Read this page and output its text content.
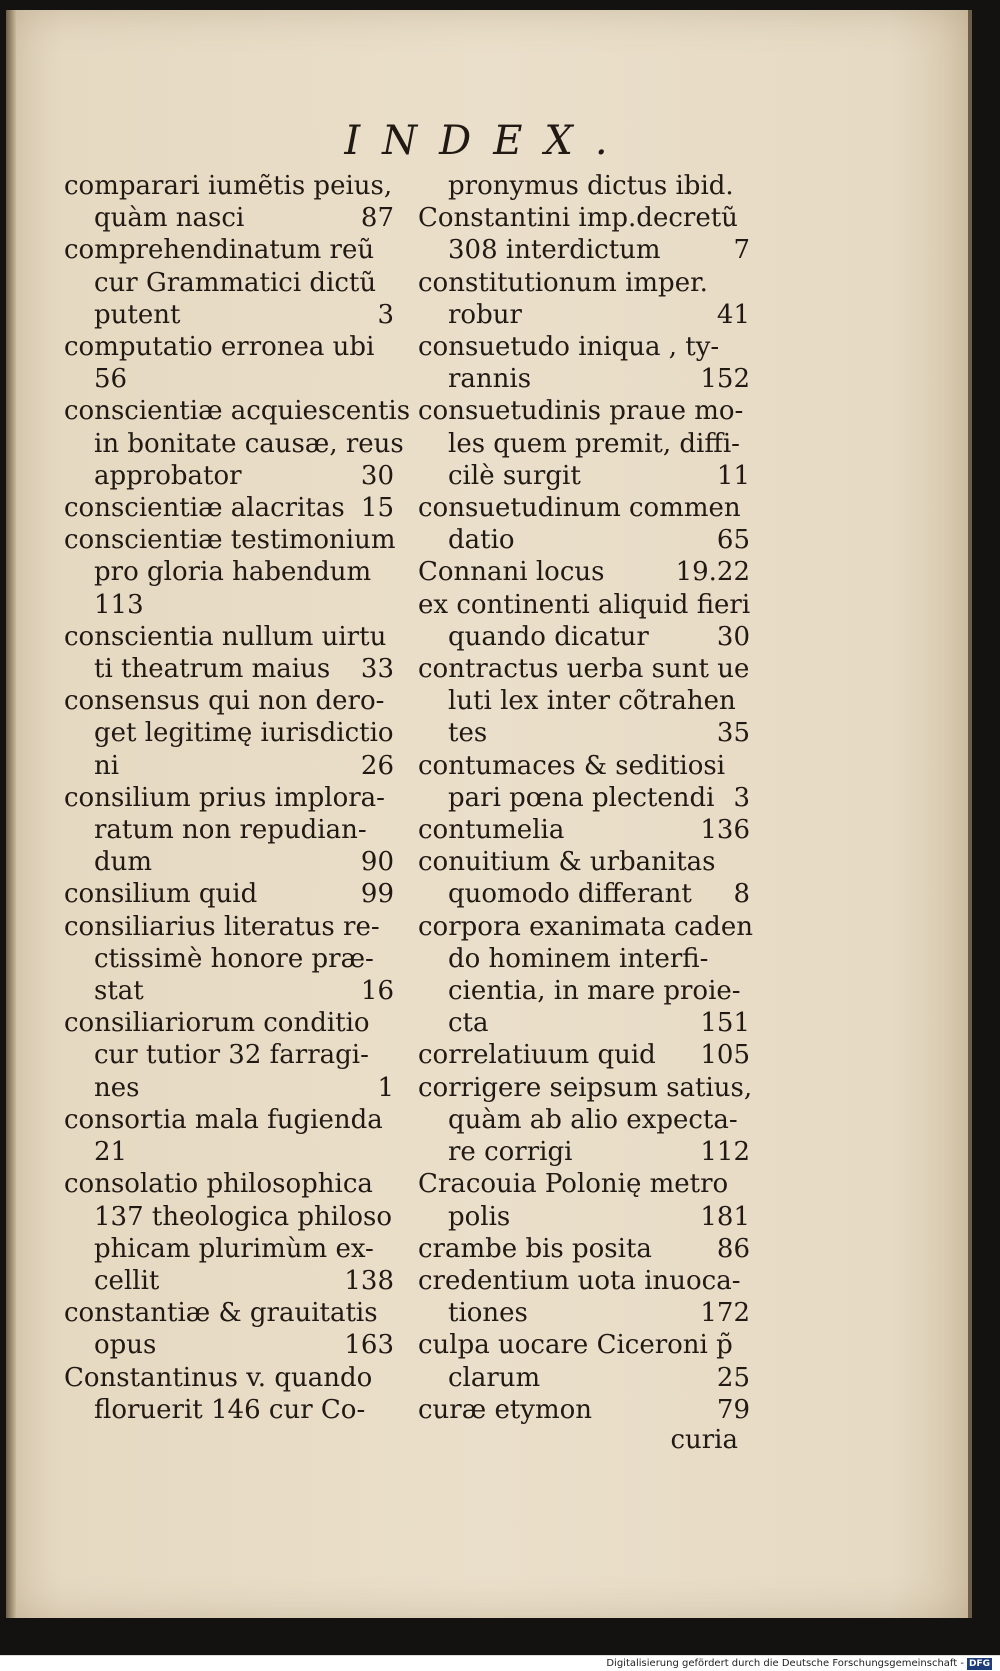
INDEX.
comparari iumẽtis peius,
quàm nasci	87
comprehendinatum reũ
cur Grammatici dictũ
putent	3
computatio erronea ubi
56
conscientiæ acquiescentis
in bonitate causæ, reus
approbator	30
conscientiæ alacritas 15
conscientiæ testimonium
pro gloria habendum
113
conscientia nullum uirtu
ti theatrum maius 33
consensus qui non dero-
get legitimę iurisdictio
ni	26
consilium prius implora-
ratum non repudian-
dum	90
consilium quid	99
consiliarius literatus re-
ctissimè honore præ-
stat	16
consiliariorum conditio
cur tutior 32 farragi-
nes	1
consortia mala fugienda
21
consolatio philosophica
137 theologica philoso
phicam plurimùm ex-
cellit	138
constantiæ & grauitatis
opus	163
Constantinus v. quando
floruerit 146 cur Co-
pronymus dictus ibid.
Constantini imp.decretũ
308 interdictum	7
constitutionum imper.
robur	41
consuetudo iniqua , ty-
rannis	152
consuetudinis praue mo-
les quem premit, diffi-
cilè surgit	11
consuetudinum commen
datio	65
Connani locus	19.22
ex continenti aliquid fieri
quando dicatur	30
contractus uerba sunt ue
luti lex inter cõtrahen
tes	35
contumaces & seditiosi
pari pœna plectendi 3
contumelia	136
conuitium & urbanitas
quomodo differant 8
corpora exanimata caden
do hominem interfi-
cientia, in mare proie-
cta	151
correlatiuum quid 105
corrigere seipsum satius,
quàm ab alio expecta-
re corrigi	112
Cracouia Polonię metro
polis	181
crambe bis posita 86
credentium uota inuoca-
tiones	172
culpa uocare Ciceroni p̃
clarum	25
curæ etymon	79
curia
Digitalisierung gefördert durch die Deutsche Forschungsgemeinschaft - DFG
